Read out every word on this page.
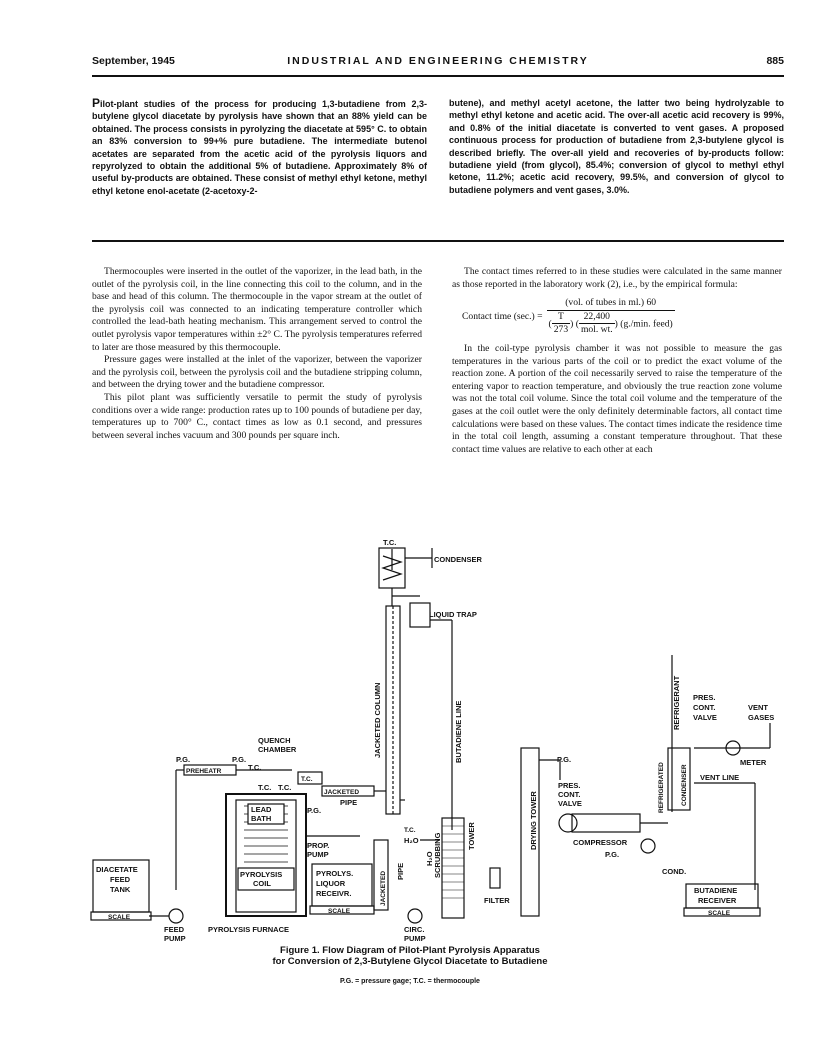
September, 1945	INDUSTRIAL AND ENGINEERING CHEMISTRY	885
Pilot-plant studies of the process for producing 1,3-butadiene from 2,3-butylene glycol diacetate by pyrolysis have shown that an 88% yield can be obtained. The process consists in pyrolyzing the diacetate at 595° C. to obtain an 83% conversion to 99+% pure butadiene. The intermediate butenol acetates are separated from the acetic acid of the pyrolysis liquors and repyrolyzed to obtain the additional 5% of butadiene. Approximately 8% of useful by-products are obtained. These consist of methyl ethyl ketone, methyl ethyl ketone enol-acetate (2-acetoxy-2-
butene), and methyl acetyl acetone, the latter two being hydrolyzable to methyl ethyl ketone and acetic acid. The over-all acetic acid recovery is 99%, and 0.8% of the initial diacetate is converted to vent gases. A proposed continuous process for production of butadiene from 2,3-butylene glycol is described briefly. The over-all yield and recoveries of by-products follow: butadiene yield (from glycol), 85.4%; conversion of glycol to methyl ethyl ketone, 11.2%; acetic acid recovery, 99.5%, and conversion of glycol to butadiene polymers and vent gases, 3.0%.

Thermocouples were inserted in the outlet of the vaporizer, in the lead bath, in the outlet of the pyrolysis coil, in the line connecting this coil to the column, and in the base and head of this column. The thermocouple in the vapor stream at the outlet of the pyrolysis coil was connected to an indicating temperature controller which controlled the lead-bath heating mechanism. This arrangement served to control the outlet pyrolysis vapor temperatures within ±2° C. The pyrolysis temperatures referred to later are those measured by this thermocouple.

Pressure gages were installed at the inlet of the vaporizer, between the vaporizer and the pyrolysis coil, between the pyrolysis coil and the butadiene stripping column, and between the drying tower and the butadiene compressor.

This pilot plant was sufficiently versatile to permit the study of pyrolysis conditions over a wide range: production rates up to 100 pounds of butadiene per day, temperatures up to 700° C., contact times as low as 0.1 second, and pressures between several inches vacuum and 300 pounds per square inch.

The contact times referred to in these studies were calculated in the same manner as those reported in the laboratory work (2), i.e., by the empirical formula:

Contact time $(\sec.) = \frac{\text{(vol. of tubes in ml.) 60}}{( \frac{T}{273} ) ( \frac{22,400}{\text{mol. wt.}} ) (g./\min. feed)}$

In the coil-type pyrolysis chamber it was not possible to measure the gas temperatures in the various parts of the coil or to predict the exact volume of the reaction zone. A portion of the coil necessarily served to raise the temperature of the entering vapor to reaction temperature, and obviously the true reaction zone volume was not the total coil volume. Since the total coil volume and the temperature of the gases at the coil outlet were the only definitely determinable factors, all contact time calculations were based on these values. The contact times indicate the residence time in the total coil length, assuming a constant temperature throughout. That these contact time values are relative to each other at each

T.C.
CONDENSER
LIQUID TRAP
BUTADIENE LINE
JACKETED COLUMN
T.C.
REFRIGERANT
REFRIGERATED CONDENSER
PRES.
CONT.
VALVE
VENT
GASES
METER
VENT LINE
QUENCH
CHAMBER
P.G.	P.G.
PREHEATR	T.C.
T.C. T.C.
T.C.
JACKETED
PIPE
LEAD
BATH
PYROLYSIS
COIL
PYROLYSIS FURNACE
P.G.
PROP.
PUMP
PYROLYS.
LIQUOR
RECEIVR.
SCALE
JACKETED PIPE
H₂O
H₂O SCRUBBING	TOWER
CIRC.
PUMP
FILTER
DRYING TOWER
P.G.
PRES.
CONT.
VALVE
COMPRESSOR
P.G.
COND.
BUTADIENE
RECEIVER
SCALE
DIACETATE
FEED
TANK
SCALE
FEED
PUMP
Figure 1. Flow Diagram of Pilot-Plant Pyrolysis Apparatus
for Conversion of 2,3-Butylene Glycol Diacetate to Butadiene
P.G. = pressure gage; T.C. = thermocouple
